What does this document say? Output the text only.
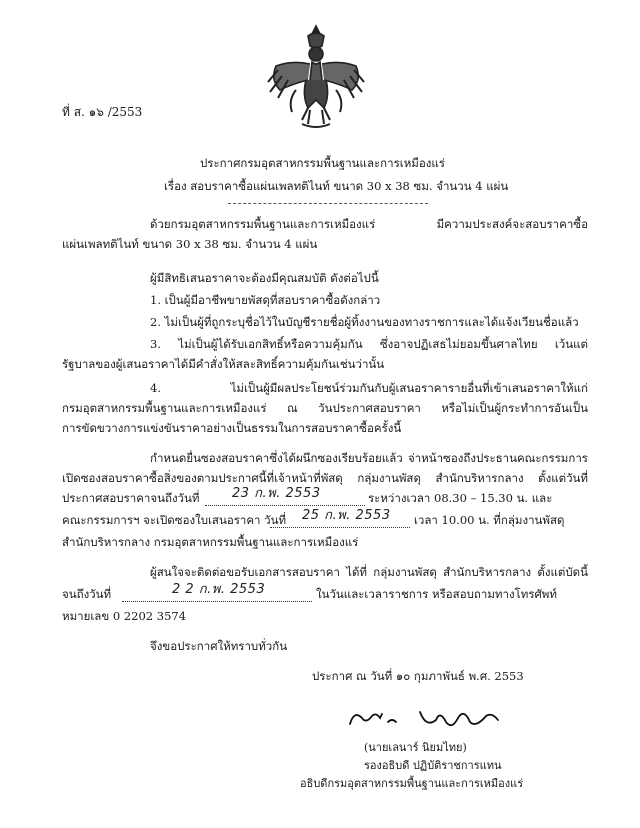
ที่ ส. ๑๖ /2553
ประกาศกรมอุตสาหกรรมพื้นฐานและการเหมืองแร่
เรื่อง สอบราคาซื้อแผ่นเพลทติไนท์ ขนาด 30 x 38 ซม. จำนวน 4 แผ่น
ด้วยกรมอุตสาหกรรมพื้นฐานและการเหมืองแร่ มีความประสงค์จะสอบราคาซื้อ
แผ่นเพลทติไนท์ ขนาด 30 x 38 ซม. จำนวน 4 แผ่น
ผู้มีสิทธิเสนอราคาจะต้องมีคุณสมบัติ ดังต่อไปนี้
1. เป็นผู้มีอาชีพขายพัสดุที่สอบราคาซื้อดังกล่าว
2. ไม่เป็นผู้ที่ถูกระบุชื่อไว้ในบัญชีรายชื่อผู้ทิ้งงานของทางราชการและได้แจ้งเวียนชื่อแล้ว
3. ไม่เป็นผู้ได้รับเอกสิทธิ์หรือความคุ้มกัน ซึ่งอาจปฏิเสธไม่ยอมขึ้นศาลไทย เว้นแต่
รัฐบาลของผู้เสนอราคาได้มีคำสั่งให้สละสิทธิ์ความคุ้มกันเช่นว่านั้น
4. ไม่เป็นผู้มีผลประโยชน์ร่วมกันกับผู้เสนอราคารายอื่นที่เข้าเสนอราคาให้แก่
กรมอุตสาหกรรมพื้นฐานและการเหมืองแร่ ณ วันประกาศสอบราคา หรือไม่เป็นผู้กระทำการอันเป็น
การขัดขวางการแข่งขันราคาอย่างเป็นธรรมในการสอบราคาซื้อครั้งนี้
กำหนดยื่นซองสอบราคาซึ่งได้ผนึกซองเรียบร้อยแล้ว จ่าหน้าซองถึงประธานคณะกรรมการ
เปิดซองสอบราคาซื้อสิ่งของตามประกาศนี้ที่เจ้าหน้าที่พัสดุ กลุ่มงานพัสดุ สำนักบริหารกลาง ตั้งแต่วันที่
ประกาศสอบราคาจนถึงวันที่	23 ก.พ. 2553	ระหว่างเวลา 08.30 – 15.30 น. และ
คณะกรรมการฯ จะเปิดซองใบเสนอราคา วันที่ 25 ก.พ. 2553 เวลา 10.00 น. ที่กลุ่มงานพัสดุ
สำนักบริหารกลาง กรมอุตสาหกรรมพื้นฐานและการเหมืองแร่
ผู้สนใจจะติดต่อขอรับเอกสารสอบราคา ได้ที่ กลุ่มงานพัสดุ สำนักบริหารกลาง ตั้งแต่บัดนี้
จนถึงวันที่	2 2 ก.พ. 2553	ในวันและเวลาราชการ หรือสอบถามทางโทรศัพท์
หมายเลข 0 2202 3574
จึงขอประกาศให้ทราบทั่วกัน
ประกาศ ณ วันที่ ๑๐ กุมภาพันธ์ พ.ศ. 2553
(นายเลนาร์ นิยมไทย)
รองอธิบดี ปฏิบัติราชการแทน
อธิบดีกรมอุตสาหกรรมพื้นฐานและการเหมืองแร่
